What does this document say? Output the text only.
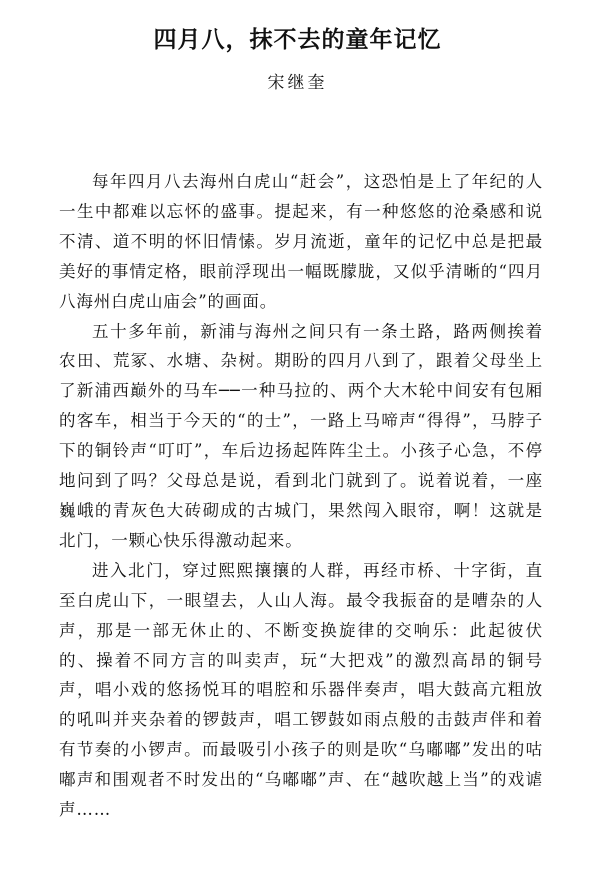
四月八，抹不去的童年记忆
宋继奎

每年四月八去海州白虎山“赶会”，这恐怕是上了年纪的人一生中都难以忘怀的盛事。提起来，有一种悠悠的沧桑感和说不清、道不明的怀旧情愫。岁月流逝，童年的记忆中总是把最美好的事情定格，眼前浮现出一幅既朦胧，又似乎清晰的“四月八海州白虎山庙会”的画面。

五十多年前，新浦与海州之间只有一条土路，路两侧挨着农田、荒冢、水塘、杂树。期盼的四月八到了，跟着父母坐上了新浦西巅外的马车──一种马拉的、两个大木轮中间安有包厢的客车，相当于今天的“的士”，一路上马啼声“得得”，马脖子下的铜铃声“叮叮”，车后边扬起阵阵尘土。小孩子心急，不停地问到了吗？父母总是说，看到北门就到了。说着说着，一座巍峨的青灰色大砖砌成的古城门，果然闯入眼帘，啊！这就是北门，一颗心快乐得激动起来。

进入北门，穿过熙熙攘攘的人群，再经市桥、十字街，直至白虎山下，一眼望去，人山人海。最令我振奋的是嘈杂的人声，那是一部无休止的、不断变换旋律的交响乐：此起彼伏的、操着不同方言的叫卖声，玩“大把戏”的激烈高昂的铜号声，唱小戏的悠扬悦耳的唱腔和乐器伴奏声，唱大鼓高亢粗放的吼叫并夹杂着的锣鼓声，唱工锣鼓如雨点般的击鼓声伴和着有节奏的小锣声。而最吸引小孩子的则是吹“乌嘟嘟”发出的咕嘟声和围观者不时发出的“乌嘟嘟”声、在“越吹越上当”的戏谑声……
